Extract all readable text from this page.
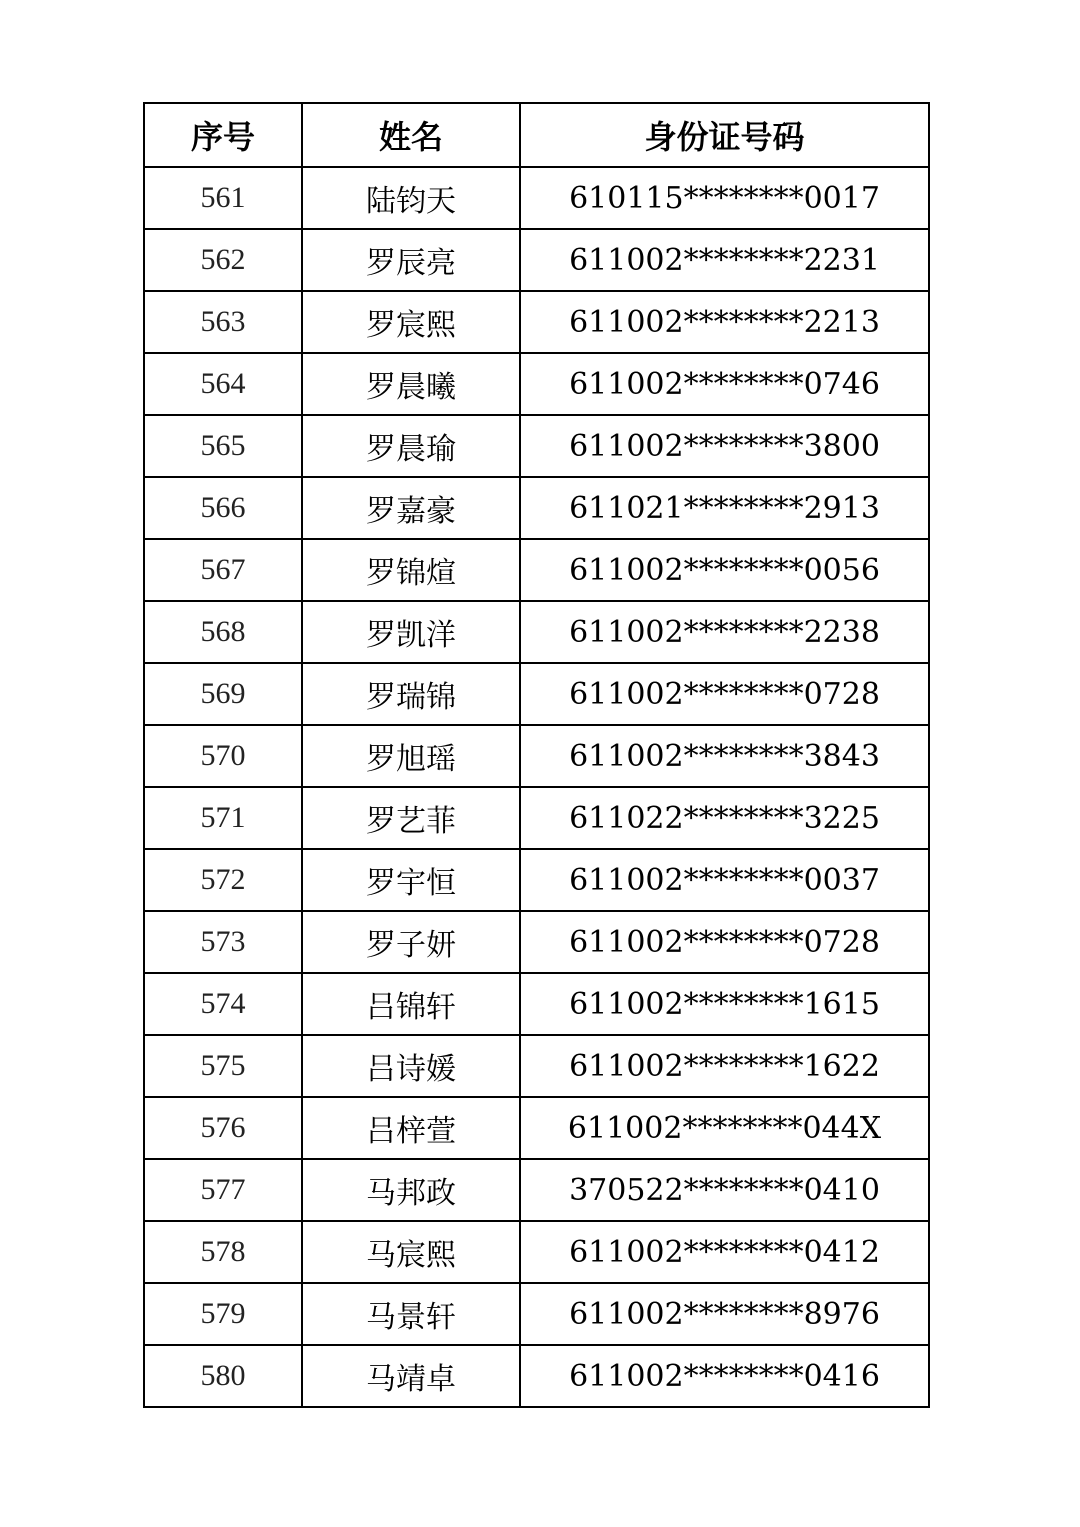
序号	姓名	身份证号码
561	陆钧天	610115********0017
562	罗辰亮	611002********2231
563	罗宸熙	611002********2213
564	罗晨曦	611002********0746
565	罗晨瑜	611002********3800
566	罗嘉豪	611021********2913
567	罗锦煊	611002********0056
568	罗凯洋	611002********2238
569	罗瑞锦	611002********0728
570	罗旭瑶	611002********3843
571	罗艺菲	611022********3225
572	罗宇恒	611002********0037
573	罗子妍	611002********0728
574	吕锦轩	611002********1615
575	吕诗媛	611002********1622
576	吕梓萱	611002********044X
577	马邦政	370522********0410
578	马宸熙	611002********0412
579	马景轩	611002********8976
580	马靖卓	611002********0416
